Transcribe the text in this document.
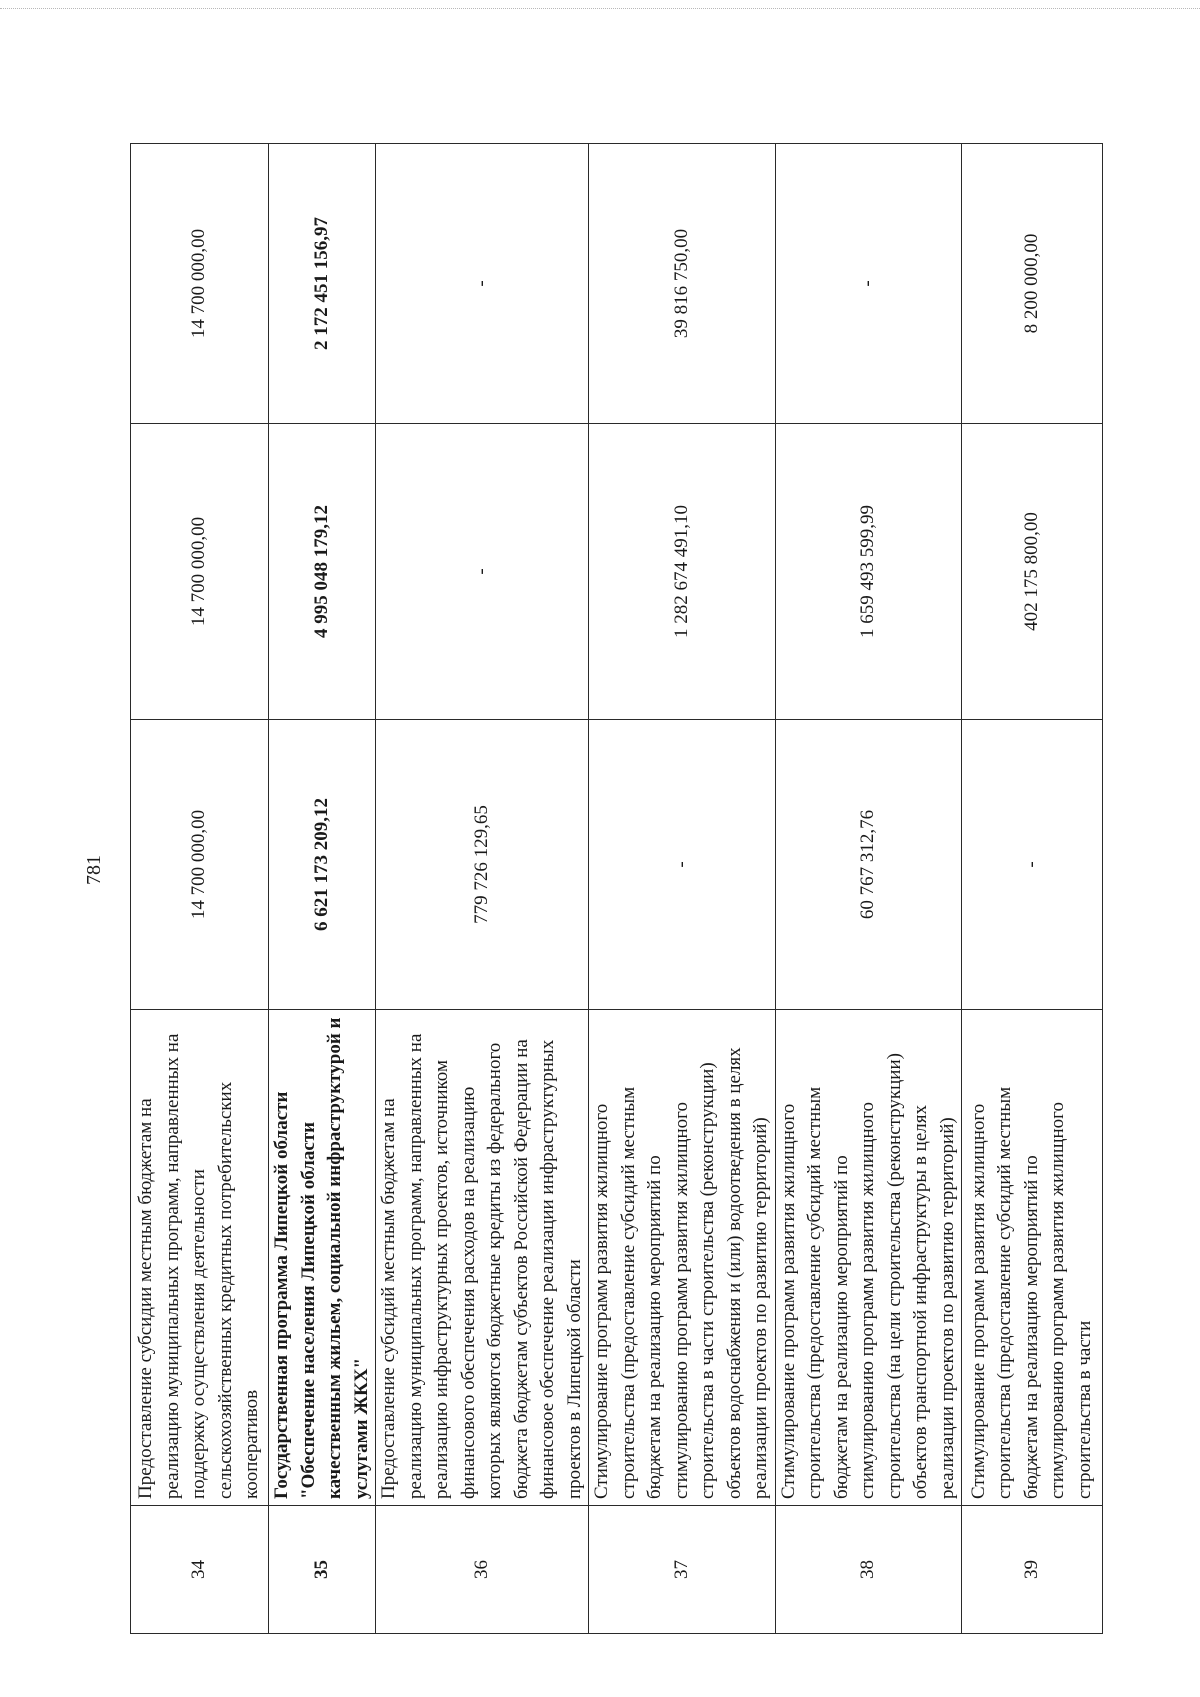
781
34	Предоставление субсидии местным бюджетам на реализацию муниципальных программ, направленных на поддержку осуществления деятельности сельскохозяйственных кредитных потребительских кооперативов	14 700 000,00	14 700 000,00	14 700 000,00
35	Государственная программа Липецкой области "Обеспечение населения Липецкой области качественным жильем, социальной инфраструктурой и услугами ЖКХ"	6 621 173 209,12	4 995 048 179,12	2 172 451 156,97
36	Предоставление субсидий местным бюджетам на реализацию муниципальных программ, направленных на реализацию инфраструктурных проектов, источником финансового обеспечения расходов на реализацию которых являются бюджетные кредиты из федерального бюджета бюджетам субъектов Российской Федерации на финансовое обеспечение реализации инфраструктурных проектов в Липецкой области	779 726 129,65	-	-
37	Стимулирование программ развития жилищного строительства (предоставление субсидий местным бюджетам на реализацию мероприятий по стимулированию программ развития жилищного строительства в части строительства (реконструкции) объектов водоснабжения и (или) водоотведения в целях реализации проектов по развитию территорий)	-	1 282 674 491,10	39 816 750,00
38	Стимулирование программ развития жилищного строительства (предоставление субсидий местным бюджетам на реализацию мероприятий по стимулированию программ развития жилищного строительства (на цели строительства (реконструкции) объектов транспортной инфраструктуры в целях реализации проектов по развитию территорий)	60 767 312,76	1 659 493 599,99	-
39	Стимулирование программ развития жилищного строительства (предоставление субсидий местным бюджетам на реализацию мероприятий по стимулированию программ развития жилищного строительства в части	-	402 175 800,00	8 200 000,00
